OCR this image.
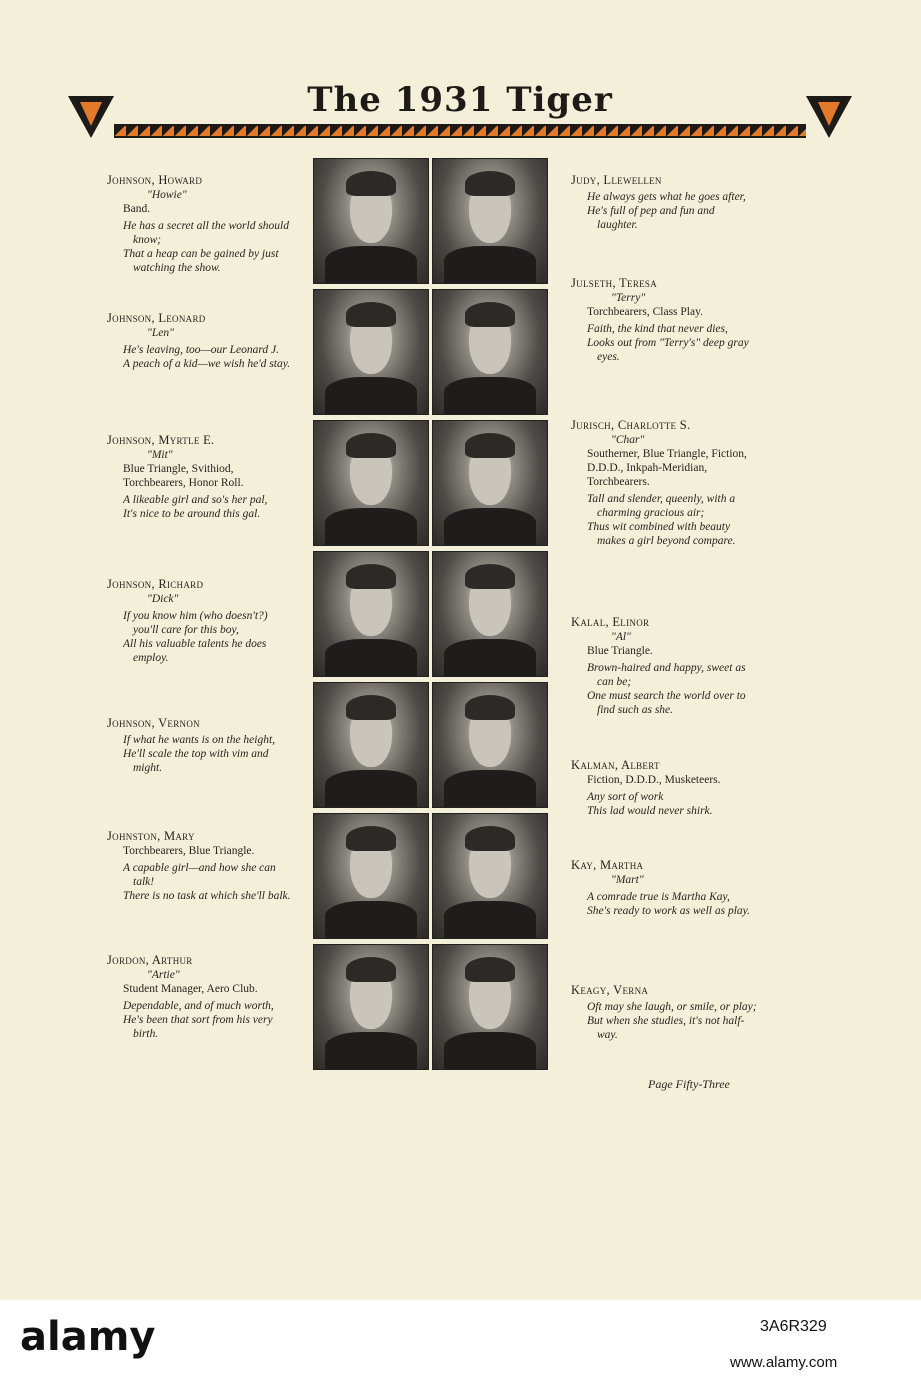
The 1931 Tiger
Johnson, Howard
"Howie"
Band.
He has a secret all the world should know;
That a heap can be gained by just watching the show.
Johnson, Leonard
"Len"
He's leaving, too—our Leonard J.
A peach of a kid—we wish he'd stay.
Johnson, Myrtle E.
"Mit"
Blue Triangle, Svithiod, Torchbearers, Honor Roll.
A likeable girl and so's her pal,
It's nice to be around this gal.
Johnson, Richard
"Dick"
If you know him (who doesn't?) you'll care for this boy,
All his valuable talents he does employ.
Johnson, Vernon
If what he wants is on the height,
He'll scale the top with vim and might.
Johnston, Mary
Torchbearers, Blue Triangle.
A capable girl—and how she can talk!
There is no task at which she'll balk.
Jordon, Arthur
"Artie"
Student Manager, Aero Club.
Dependable, and of much worth,
He's been that sort from his very birth.
Judy, Llewellen
He always gets what he goes after,
He's full of pep and fun and laughter.
Julseth, Teresa
"Terry"
Torchbearers, Class Play.
Faith, the kind that never dies,
Looks out from "Terry's" deep gray eyes.
Jurisch, Charlotte S.
"Char"
Southerner, Blue Triangle, Fiction, D.D.D., Inkpah-Meridian, Torchbearers.
Tall and slender, queenly, with a charming gracious air;
Thus wit combined with beauty makes a girl beyond compare.
Kalal, Elinor
"Al"
Blue Triangle.
Brown-haired and happy, sweet as can be;
One must search the world over to find such as she.
Kalman, Albert
Fiction, D.D.D., Musketeers.
Any sort of work
This lad would never shirk.
Kay, Martha
"Mart"
A comrade true is Martha Kay,
She's ready to work as well as play.
Keagy, Verna
Oft may she laugh, or smile, or play;
But when she studies, it's not half-way.
Page Fifty-Three
alamy	3A6R329
www.alamy.com
